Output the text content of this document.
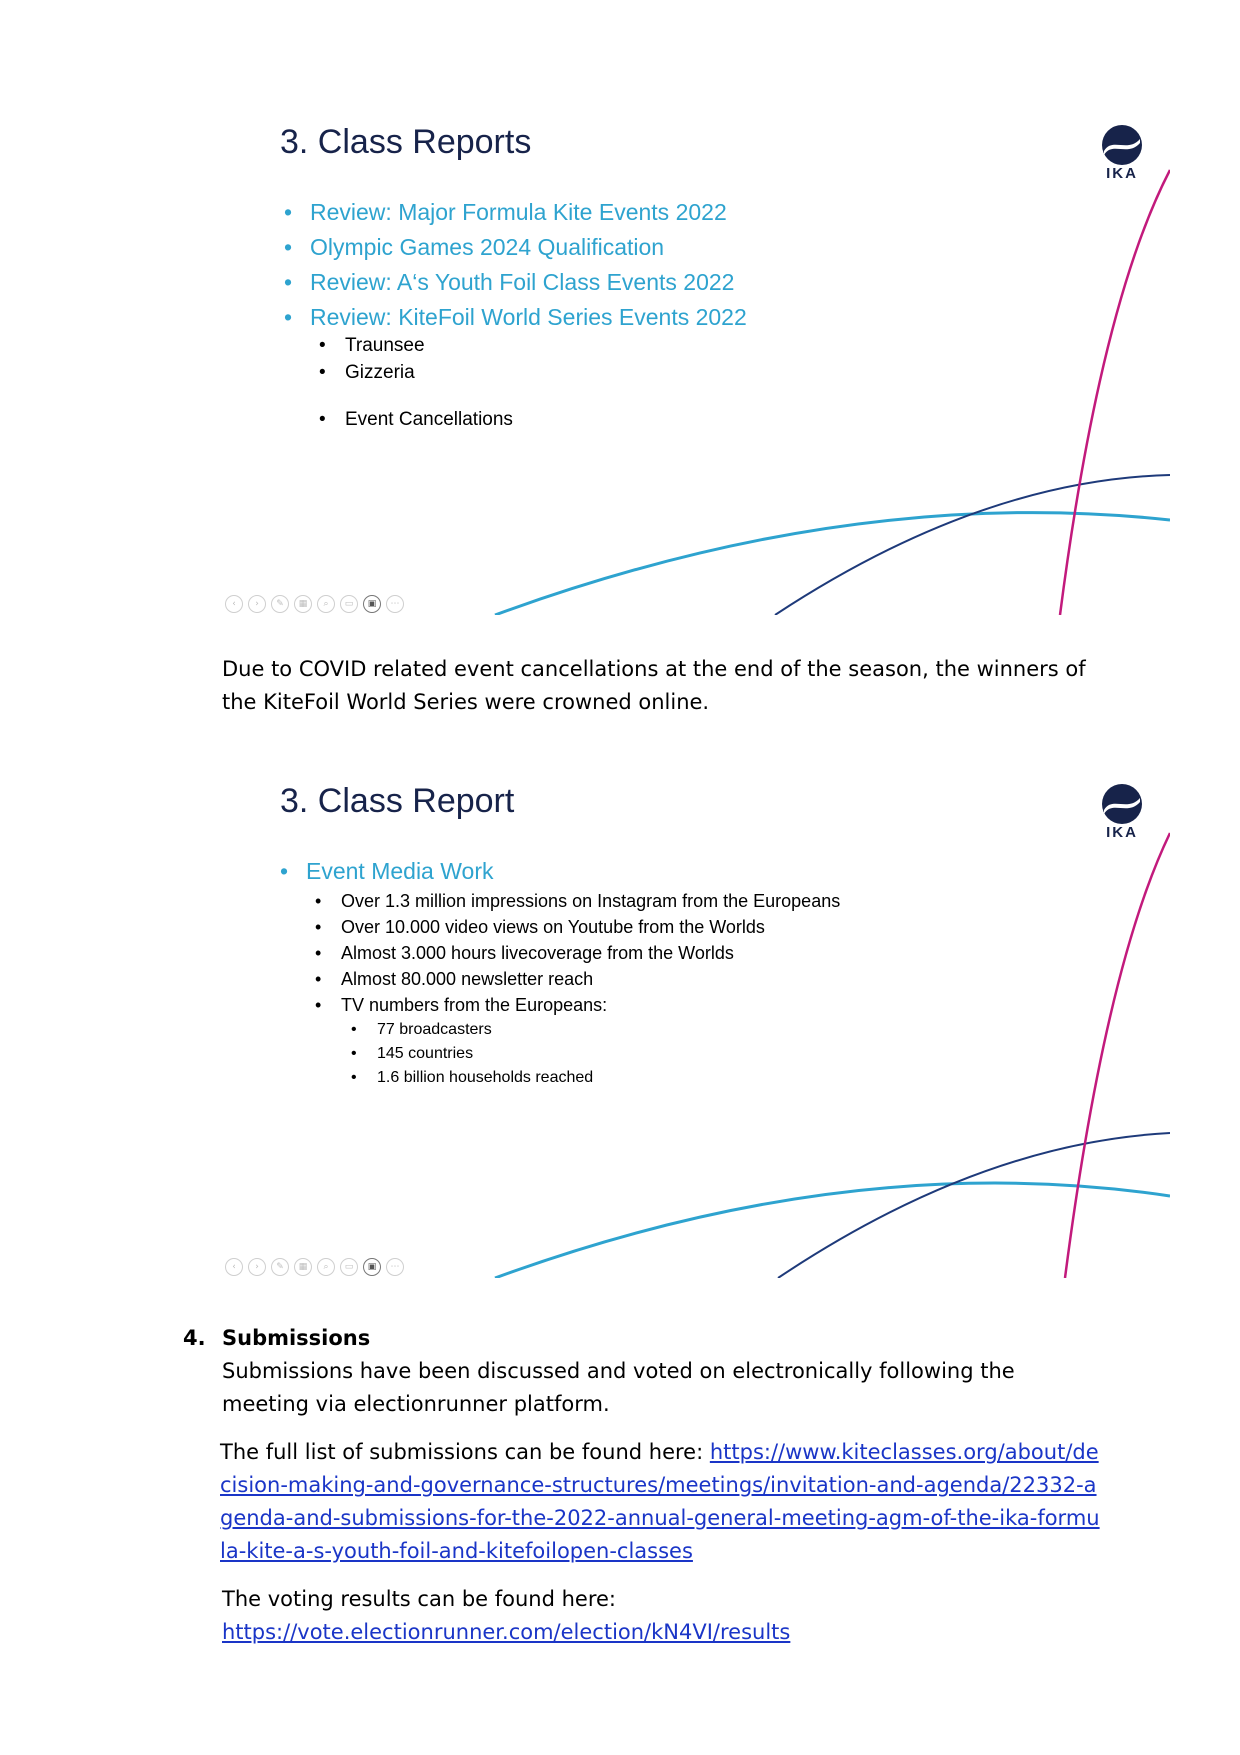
3. Class Reports
IKA
• Review: Major Formula Kite Events 2022
• Olympic Games 2024 Qualification
• Review: A‘s Youth Foil Class Events 2022
• Review: KiteFoil World Series Events 2022
• Traunsee
• Gizzeria
• Event Cancellations
‹	›	✎	▦	⌕	▭	▣	⋯

Due to COVID related event cancellations at the end of the season, the winners of the KiteFoil World Series were crowned online.

3. Class Report
IKA
• Event Media Work
• Over 1.3 million impressions on Instagram from the Europeans
• Over 10.000 video views on Youtube from the Worlds
• Almost 3.000 hours livecoverage from the Worlds
• Almost 80.000 newsletter reach
• TV numbers from the Europeans:
• 77 broadcasters
• 145 countries
• 1.6 billion households reached
‹	›	✎	▦	⌕	▭	▣	⋯
4. Submissions

Submissions have been discussed and voted on electronically following the meeting via electionrunner platform.

The full list of submissions can be found here: https://www.kiteclasses.org/about/decision-making-and-governance-structures/meetings/invitation-and-agenda/22332-agenda-and-submissions-for-the-2022-annual-general-meeting-agm-of-the-ika-formula-kite-a-s-youth-foil-and-kitefoilopen-classes

The voting results can be found here:
https://vote.electionrunner.com/election/kN4VI/results
